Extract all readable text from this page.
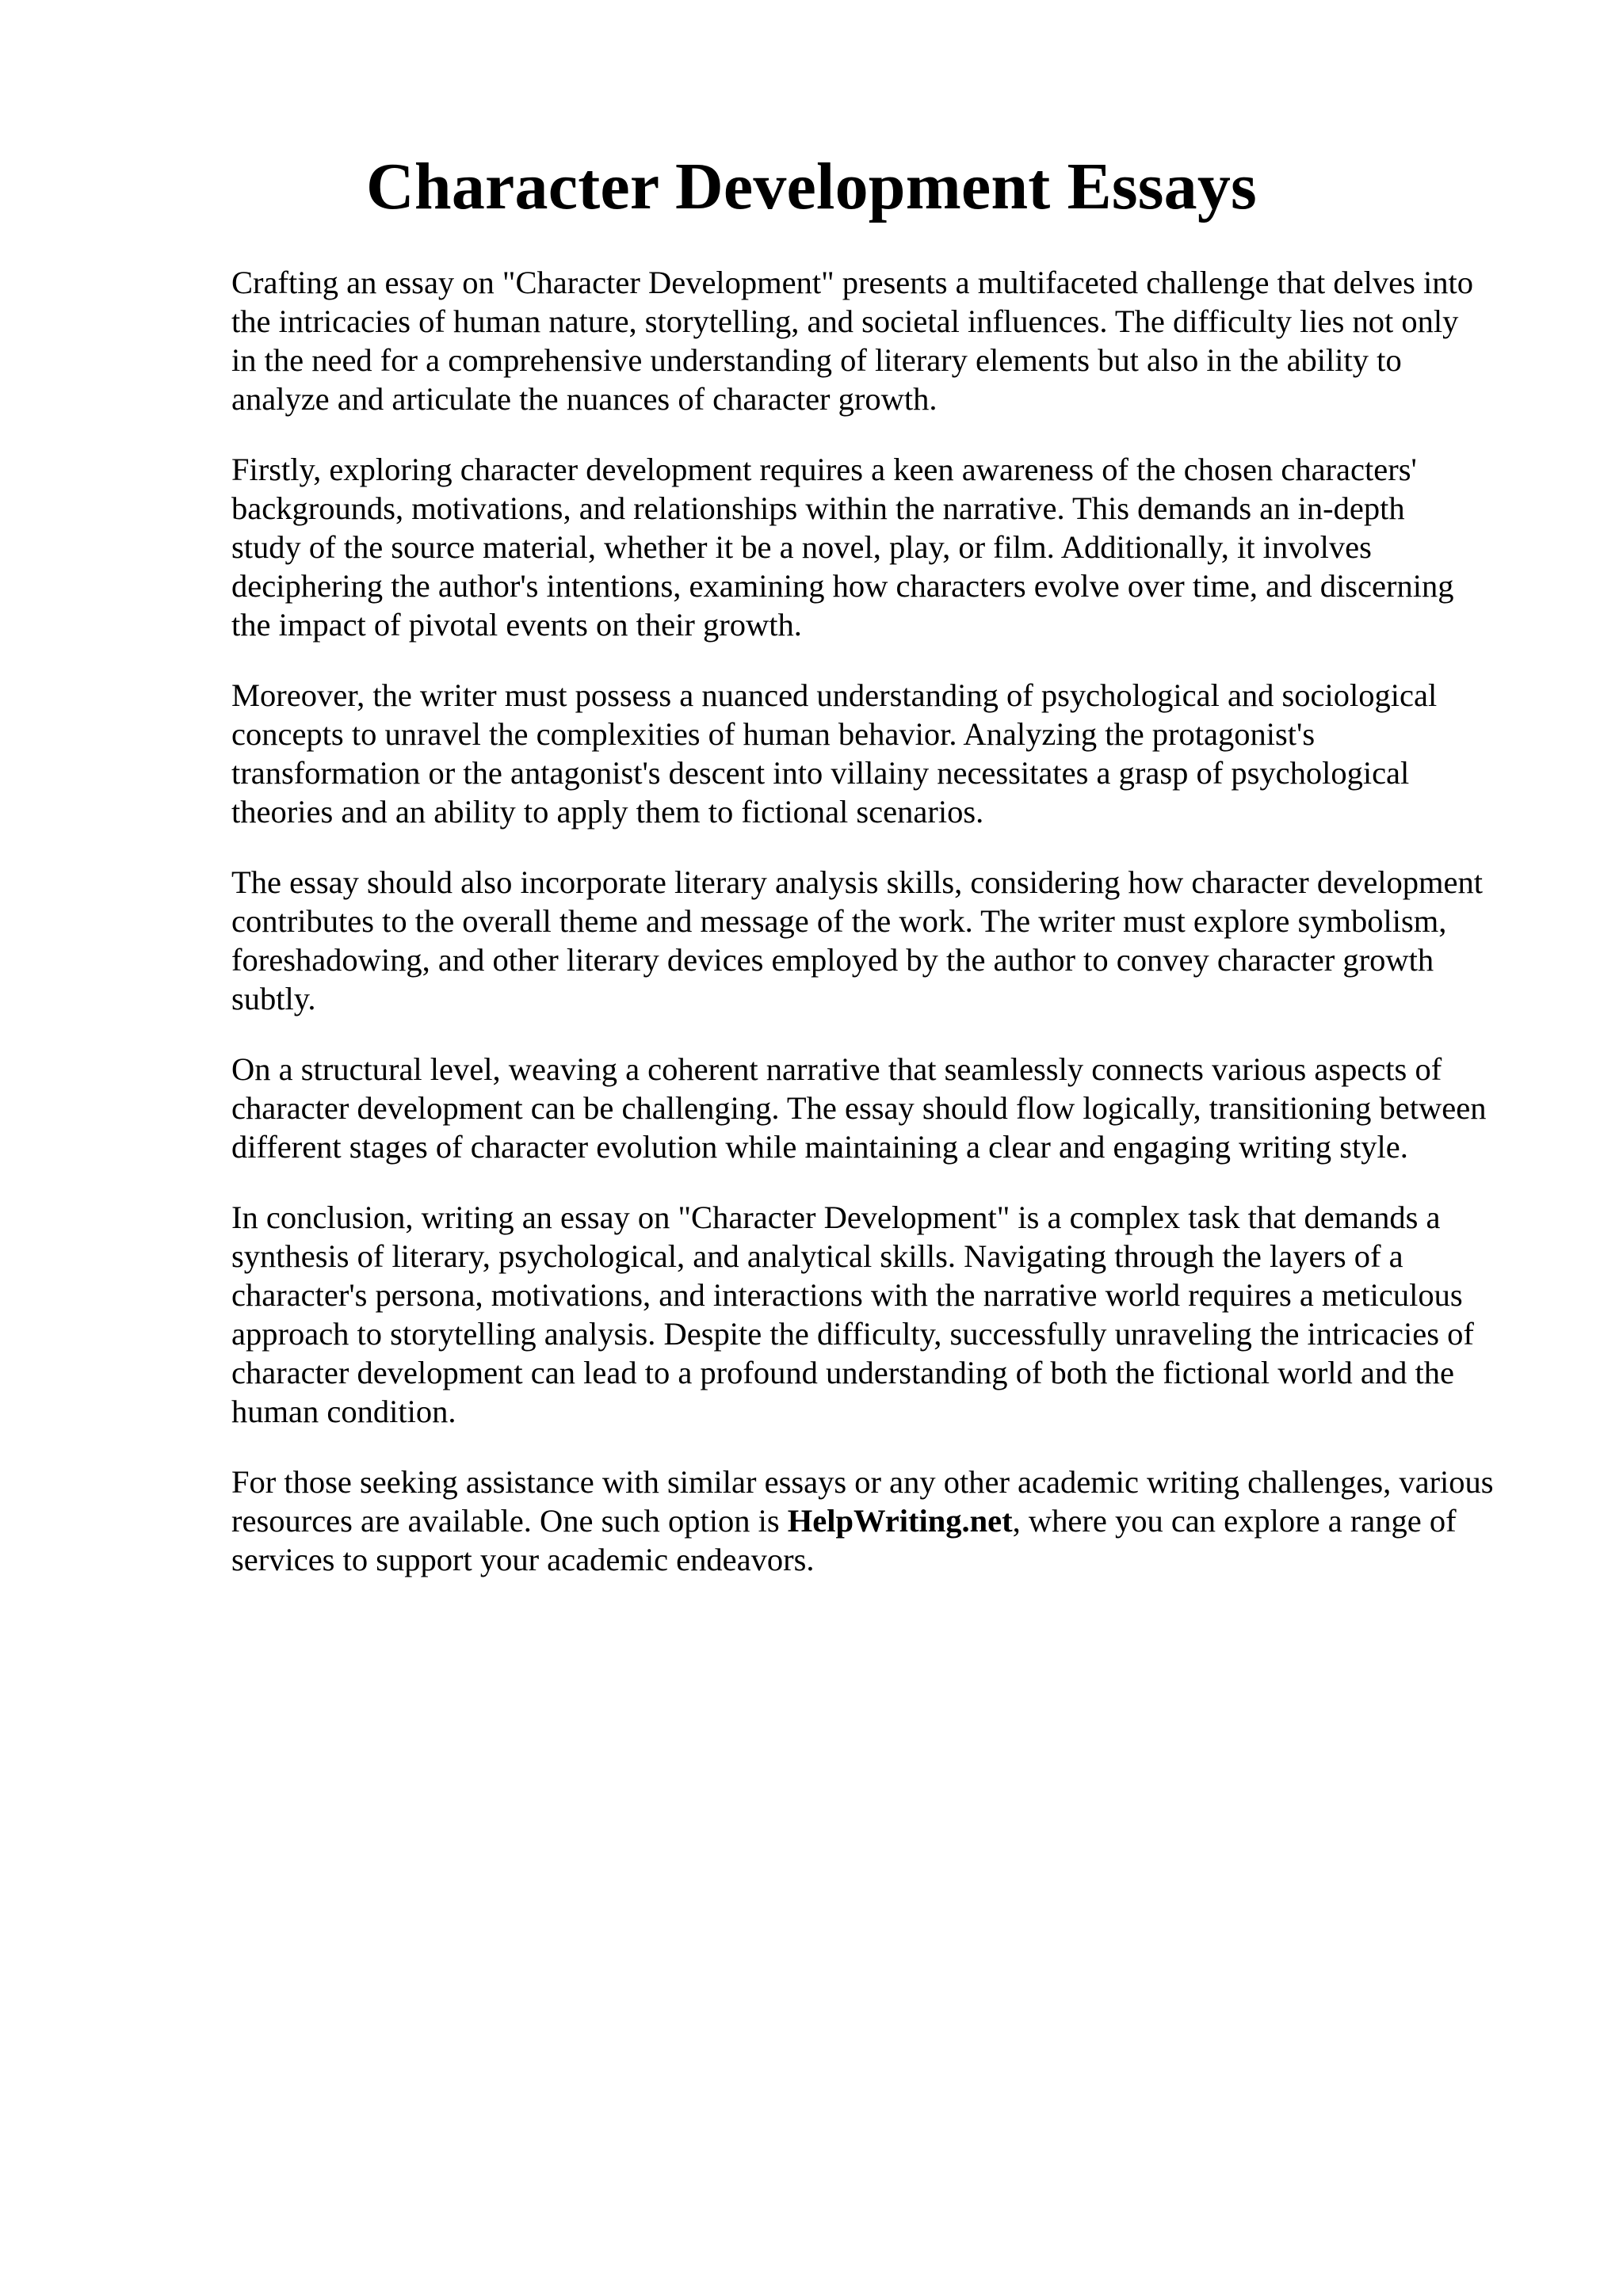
Character Development Essays

Crafting an essay on "Character Development" presents a multifaceted challenge that delves into
the intricacies of human nature, storytelling, and societal influences. The difficulty lies not only
in the need for a comprehensive understanding of literary elements but also in the ability to
analyze and articulate the nuances of character growth.

Firstly, exploring character development requires a keen awareness of the chosen characters'
backgrounds, motivations, and relationships within the narrative. This demands an in-depth
study of the source material, whether it be a novel, play, or film. Additionally, it involves
deciphering the author's intentions, examining how characters evolve over time, and discerning
the impact of pivotal events on their growth.

Moreover, the writer must possess a nuanced understanding of psychological and sociological
concepts to unravel the complexities of human behavior. Analyzing the protagonist's
transformation or the antagonist's descent into villainy necessitates a grasp of psychological
theories and an ability to apply them to fictional scenarios.

The essay should also incorporate literary analysis skills, considering how character development
contributes to the overall theme and message of the work. The writer must explore symbolism,
foreshadowing, and other literary devices employed by the author to convey character growth
subtly.

On a structural level, weaving a coherent narrative that seamlessly connects various aspects of
character development can be challenging. The essay should flow logically, transitioning between
different stages of character evolution while maintaining a clear and engaging writing style.

In conclusion, writing an essay on "Character Development" is a complex task that demands a
synthesis of literary, psychological, and analytical skills. Navigating through the layers of a
character's persona, motivations, and interactions with the narrative world requires a meticulous
approach to storytelling analysis. Despite the difficulty, successfully unraveling the intricacies of
character development can lead to a profound understanding of both the fictional world and the
human condition.

For those seeking assistance with similar essays or any other academic writing challenges, various
resources are available. One such option is HelpWriting.net, where you can explore a range of
services to support your academic endeavors.
